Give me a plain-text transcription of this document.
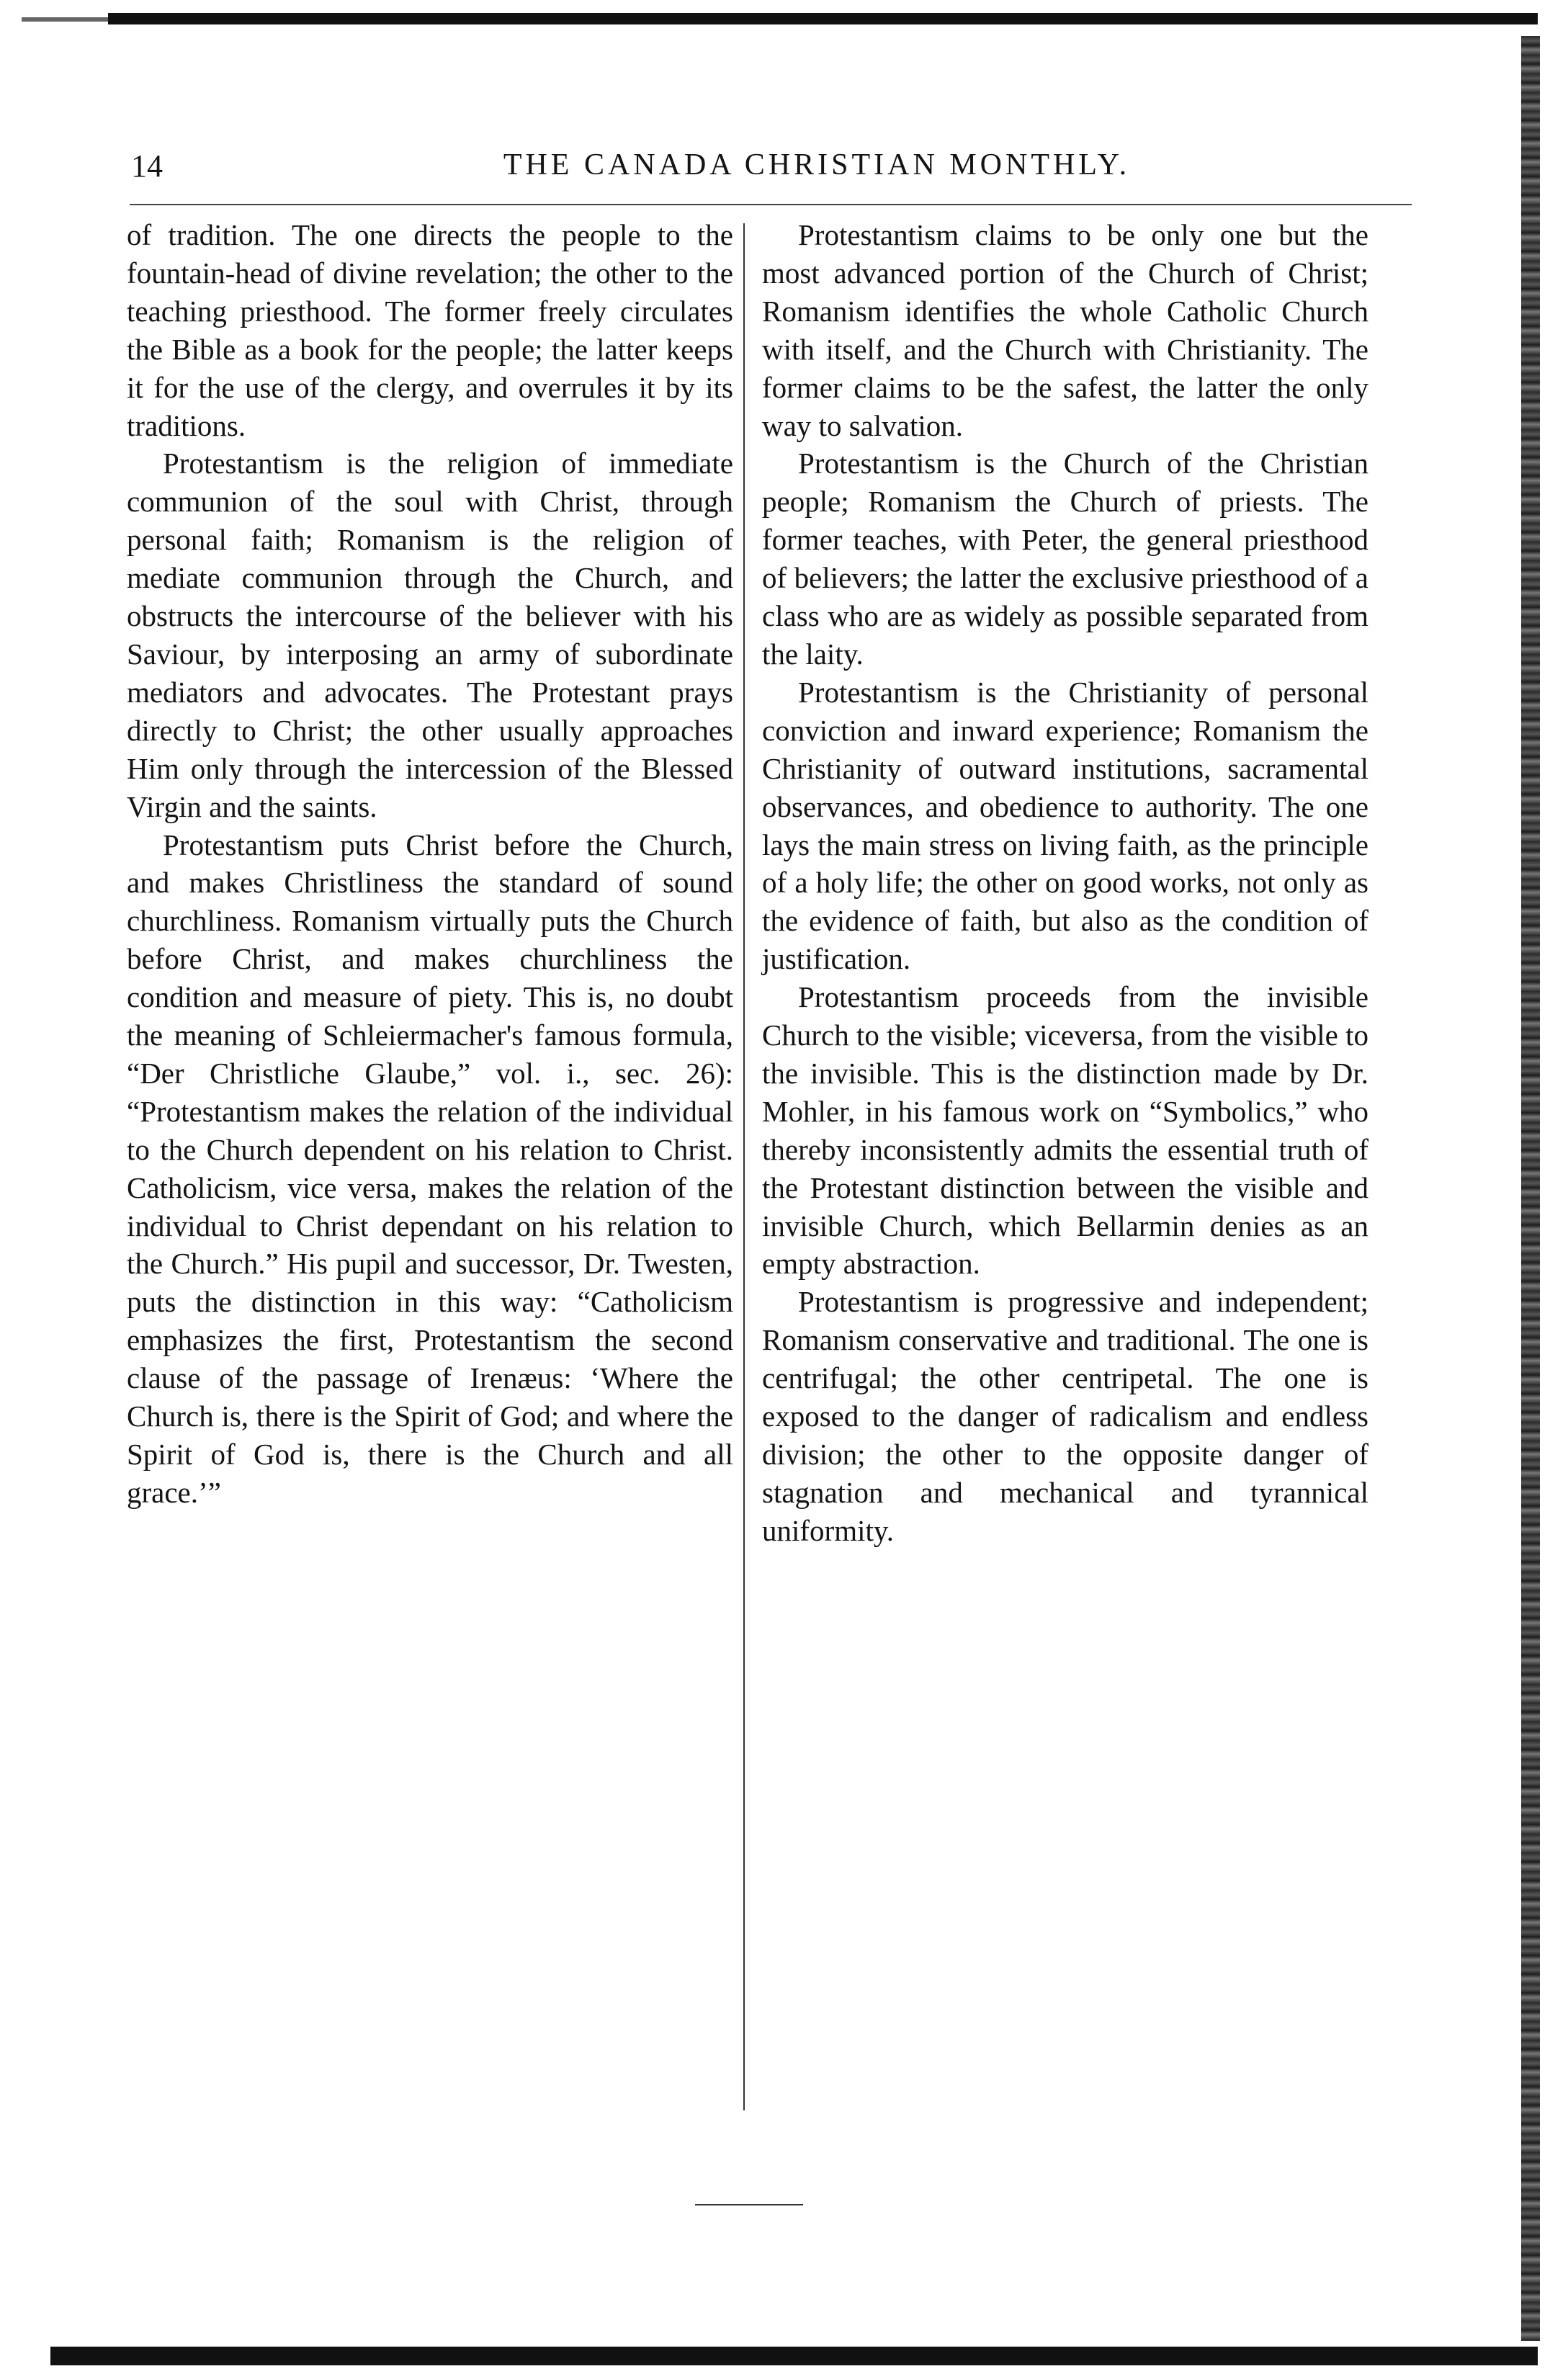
14	THE CANADA CHRISTIAN MONTHLY.

of tradition. The one directs the people to the fountain-head of divine revelation; the other to the teaching priesthood. The former freely circulates the Bible as a book for the people; the latter keeps it for the use of the clergy, and overrules it by its traditions.

Protestantism is the religion of immediate communion of the soul with Christ, through personal faith; Romanism is the religion of mediate communion through the Church, and obstructs the intercourse of the believer with his Saviour, by interposing an army of subordinate mediators and advocates. The Protestant prays directly to Christ; the other usually approaches Him only through the intercession of the Blessed Virgin and the saints.

Protestantism puts Christ before the Church, and makes Christliness the standard of sound churchliness. Romanism virtually puts the Church before Christ, and makes churchliness the condition and measure of piety. This is, no doubt the meaning of Schleiermacher's famous formula, “Der Christliche Glaube,” vol. i., sec. 26): “Protestantism makes the relation of the individual to the Church dependent on his relation to Christ. Catholicism, vice versa, makes the relation of the individual to Christ dependant on his relation to the Church.” His pupil and successor, Dr. Twesten, puts the distinction in this way: “Catholicism emphasizes the first, Protestantism the second clause of the passage of Irenæus: ‘Where the Church is, there is the Spirit of God; and where the Spirit of God is, there is the Church and all grace.’”

Protestantism claims to be only one but the most advanced portion of the Church of Christ; Romanism identifies the whole Catholic Church with itself, and the Church with Christianity. The former claims to be the safest, the latter the only way to salvation.

Protestantism is the Church of the Christian people; Romanism the Church of priests. The former teaches, with Peter, the general priesthood of believers; the latter the exclusive priesthood of a class who are as widely as possible separated from the laity.

Protestantism is the Christianity of personal conviction and inward experience; Romanism the Christianity of outward institutions, sacramental observances, and obedience to authority. The one lays the main stress on living faith, as the principle of a holy life; the other on good works, not only as the evidence of faith, but also as the condition of justification.

Protestantism proceeds from the invisible Church to the visible; viceversa, from the visible to the invisible. This is the distinction made by Dr. Mohler, in his famous work on “Symbolics,” who thereby inconsistently admits the essential truth of the Protestant distinction between the visible and invisible Church, which Bellarmin denies as an empty abstraction.

Protestantism is progressive and independent; Romanism conservative and traditional. The one is centrifugal; the other centripetal. The one is exposed to the danger of radicalism and endless division; the other to the opposite danger of stagnation and mechanical and tyrannical uniformity.
